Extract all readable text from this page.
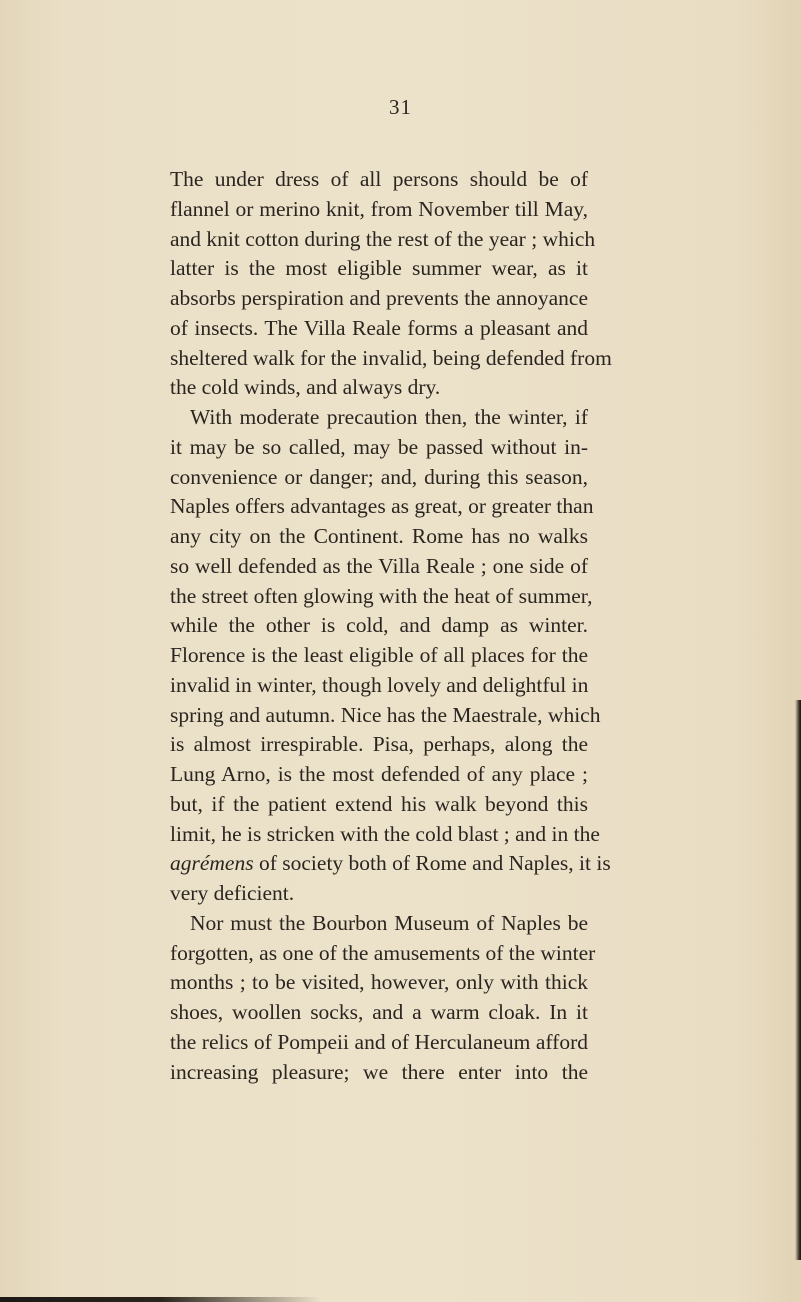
31
The under dress of all persons should be of
flannel or merino knit, from November till May,
and knit cotton during the rest of the year ; which
latter is the most eligible summer wear, as it
absorbs perspiration and prevents the annoyance
of insects. The Villa Reale forms a pleasant and
sheltered walk for the invalid, being defended from
the cold winds, and always dry.
With moderate precaution then, the winter, if
it may be so called, may be passed without in-
convenience or danger; and, during this season,
Naples offers advantages as great, or greater than
any city on the Continent. Rome has no walks
so well defended as the Villa Reale ; one side of
the street often glowing with the heat of summer,
while the other is cold, and damp as winter.
Florence is the least eligible of all places for the
invalid in winter, though lovely and delightful in
spring and autumn. Nice has the Maestrale, which
is almost irrespirable. Pisa, perhaps, along the
Lung Arno, is the most defended of any place ;
but, if the patient extend his walk beyond this
limit, he is stricken with the cold blast ; and in the
agrémens of society both of Rome and Naples, it is
very deficient.
Nor must the Bourbon Museum of Naples be
forgotten, as one of the amusements of the winter
months ; to be visited, however, only with thick
shoes, woollen socks, and a warm cloak. In it
the relics of Pompeii and of Herculaneum afford
increasing pleasure; we there enter into the
